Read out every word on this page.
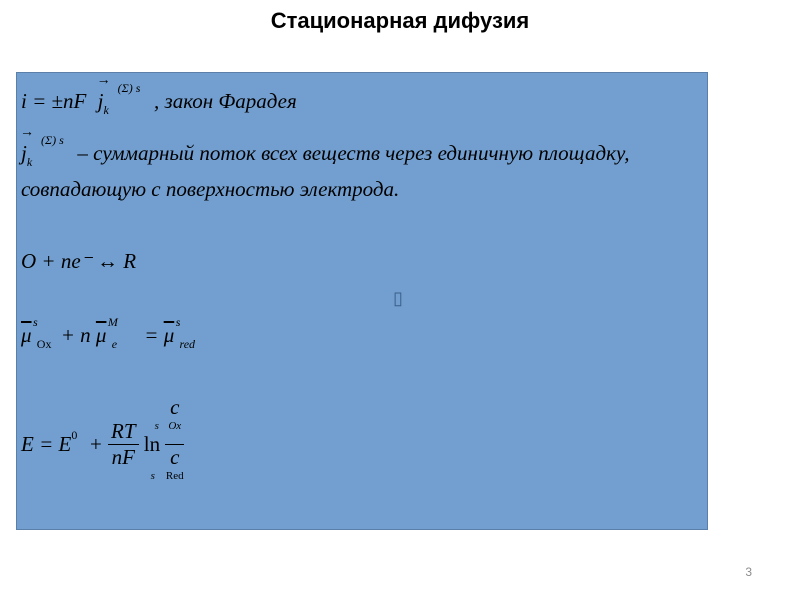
Стационарная дифузия
i = ±nF
→
$j_k$
(Σ) s
, закон Фарадея
→
$j_k$
(Σ) s
– суммарный поток всех веществ через единичную площадку,
совпадающую с поверхностью электрода.
O + ne⁻ ↔ R
▯
$\overline{\mu}$
s
$_{Ox}$ + n $\overline{\mu}$
M
$_e = \overline{\mu}$
s
$_{red}$
$E = E^0 + \frac{RT}{nF}$ ln c
Ox
s
c
Red
s
3
